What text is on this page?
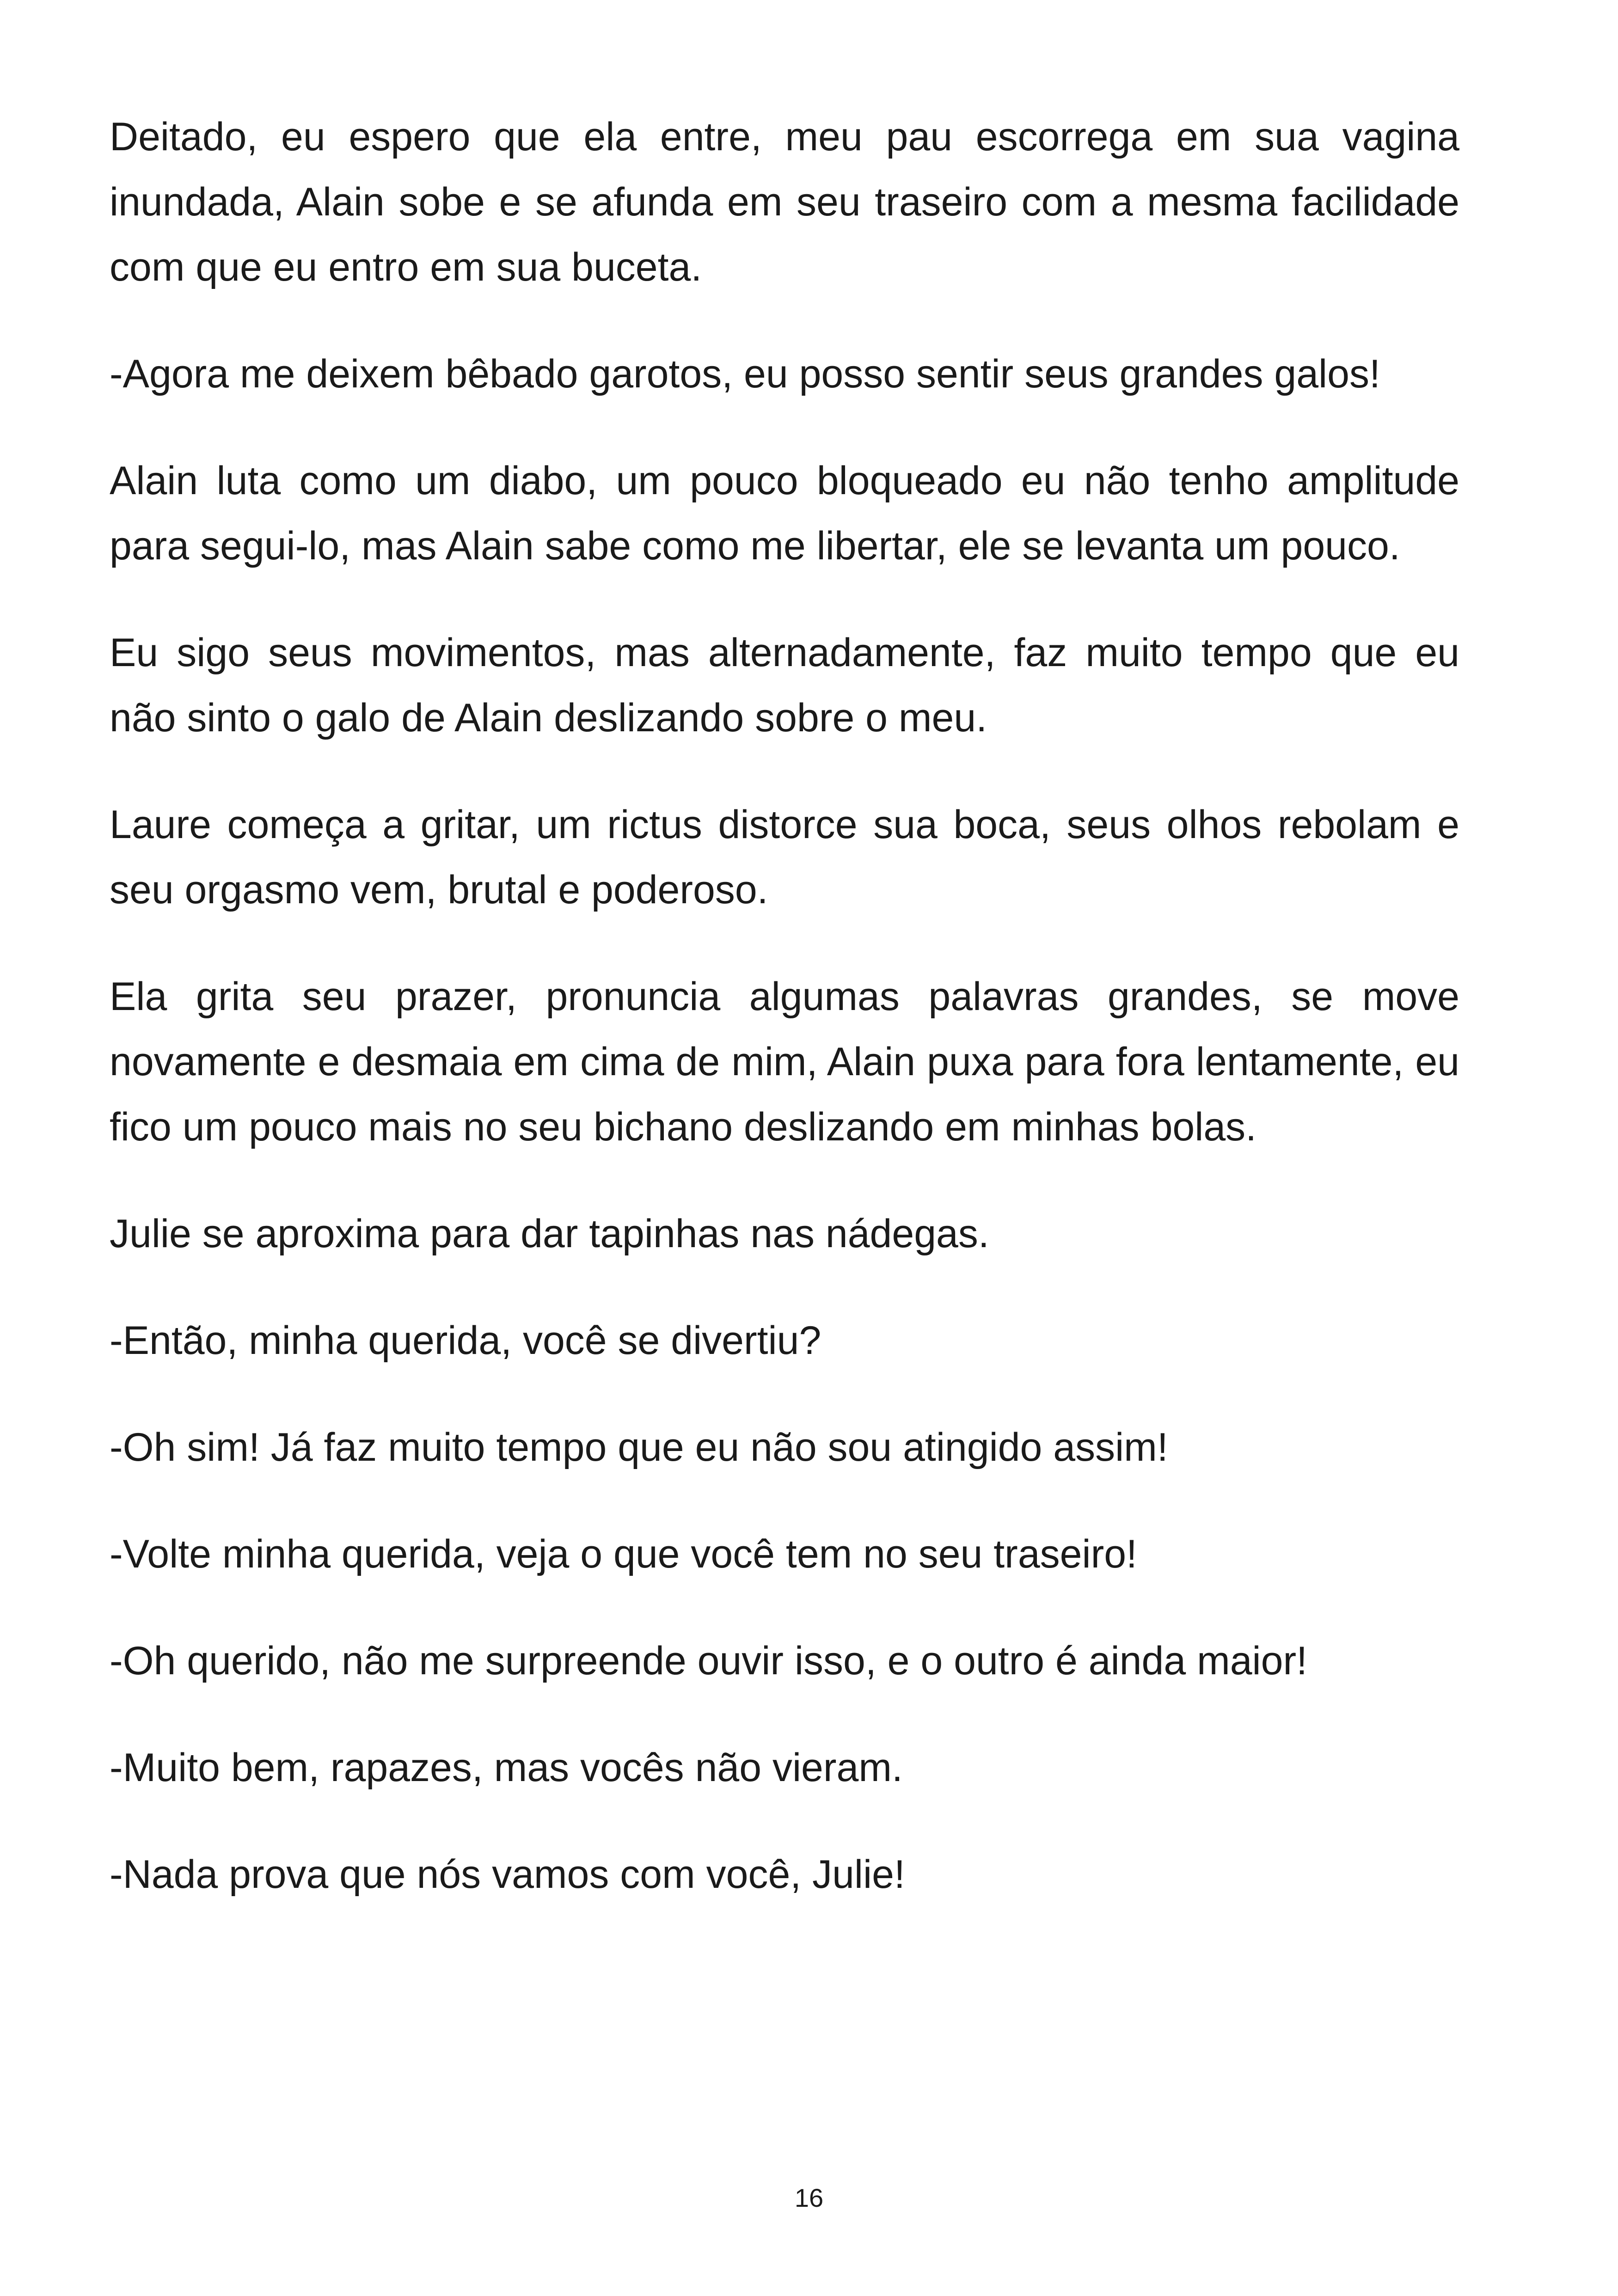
Deitado, eu espero que ela entre, meu pau escorrega em sua vagina inundada, Alain sobe e se afunda em seu traseiro com a mesma facilidade com que eu entro em sua buceta.

-Agora me deixem bêbado garotos, eu posso sentir seus grandes galos!

Alain luta como um diabo, um pouco bloqueado eu não tenho amplitude para segui-lo, mas Alain sabe como me libertar, ele se levanta um pouco.

Eu sigo seus movimentos, mas alternadamente, faz muito tempo que eu não sinto o galo de Alain deslizando sobre o meu.

Laure começa a gritar, um rictus distorce sua boca, seus olhos rebolam e seu orgasmo vem, brutal e poderoso.

Ela grita seu prazer, pronuncia algumas palavras grandes, se move novamente e desmaia em cima de mim, Alain puxa para fora lentamente, eu fico um pouco mais no seu bichano deslizando em minhas bolas.

Julie se aproxima para dar tapinhas nas nádegas.

-Então, minha querida, você se divertiu?

-Oh sim! Já faz muito tempo que eu não sou atingido assim!

-Volte minha querida, veja o que você tem no seu traseiro!

-Oh querido, não me surpreende ouvir isso, e o outro é ainda maior!

-Muito bem, rapazes, mas vocês não vieram.

-Nada prova que nós vamos com você, Julie!

16
